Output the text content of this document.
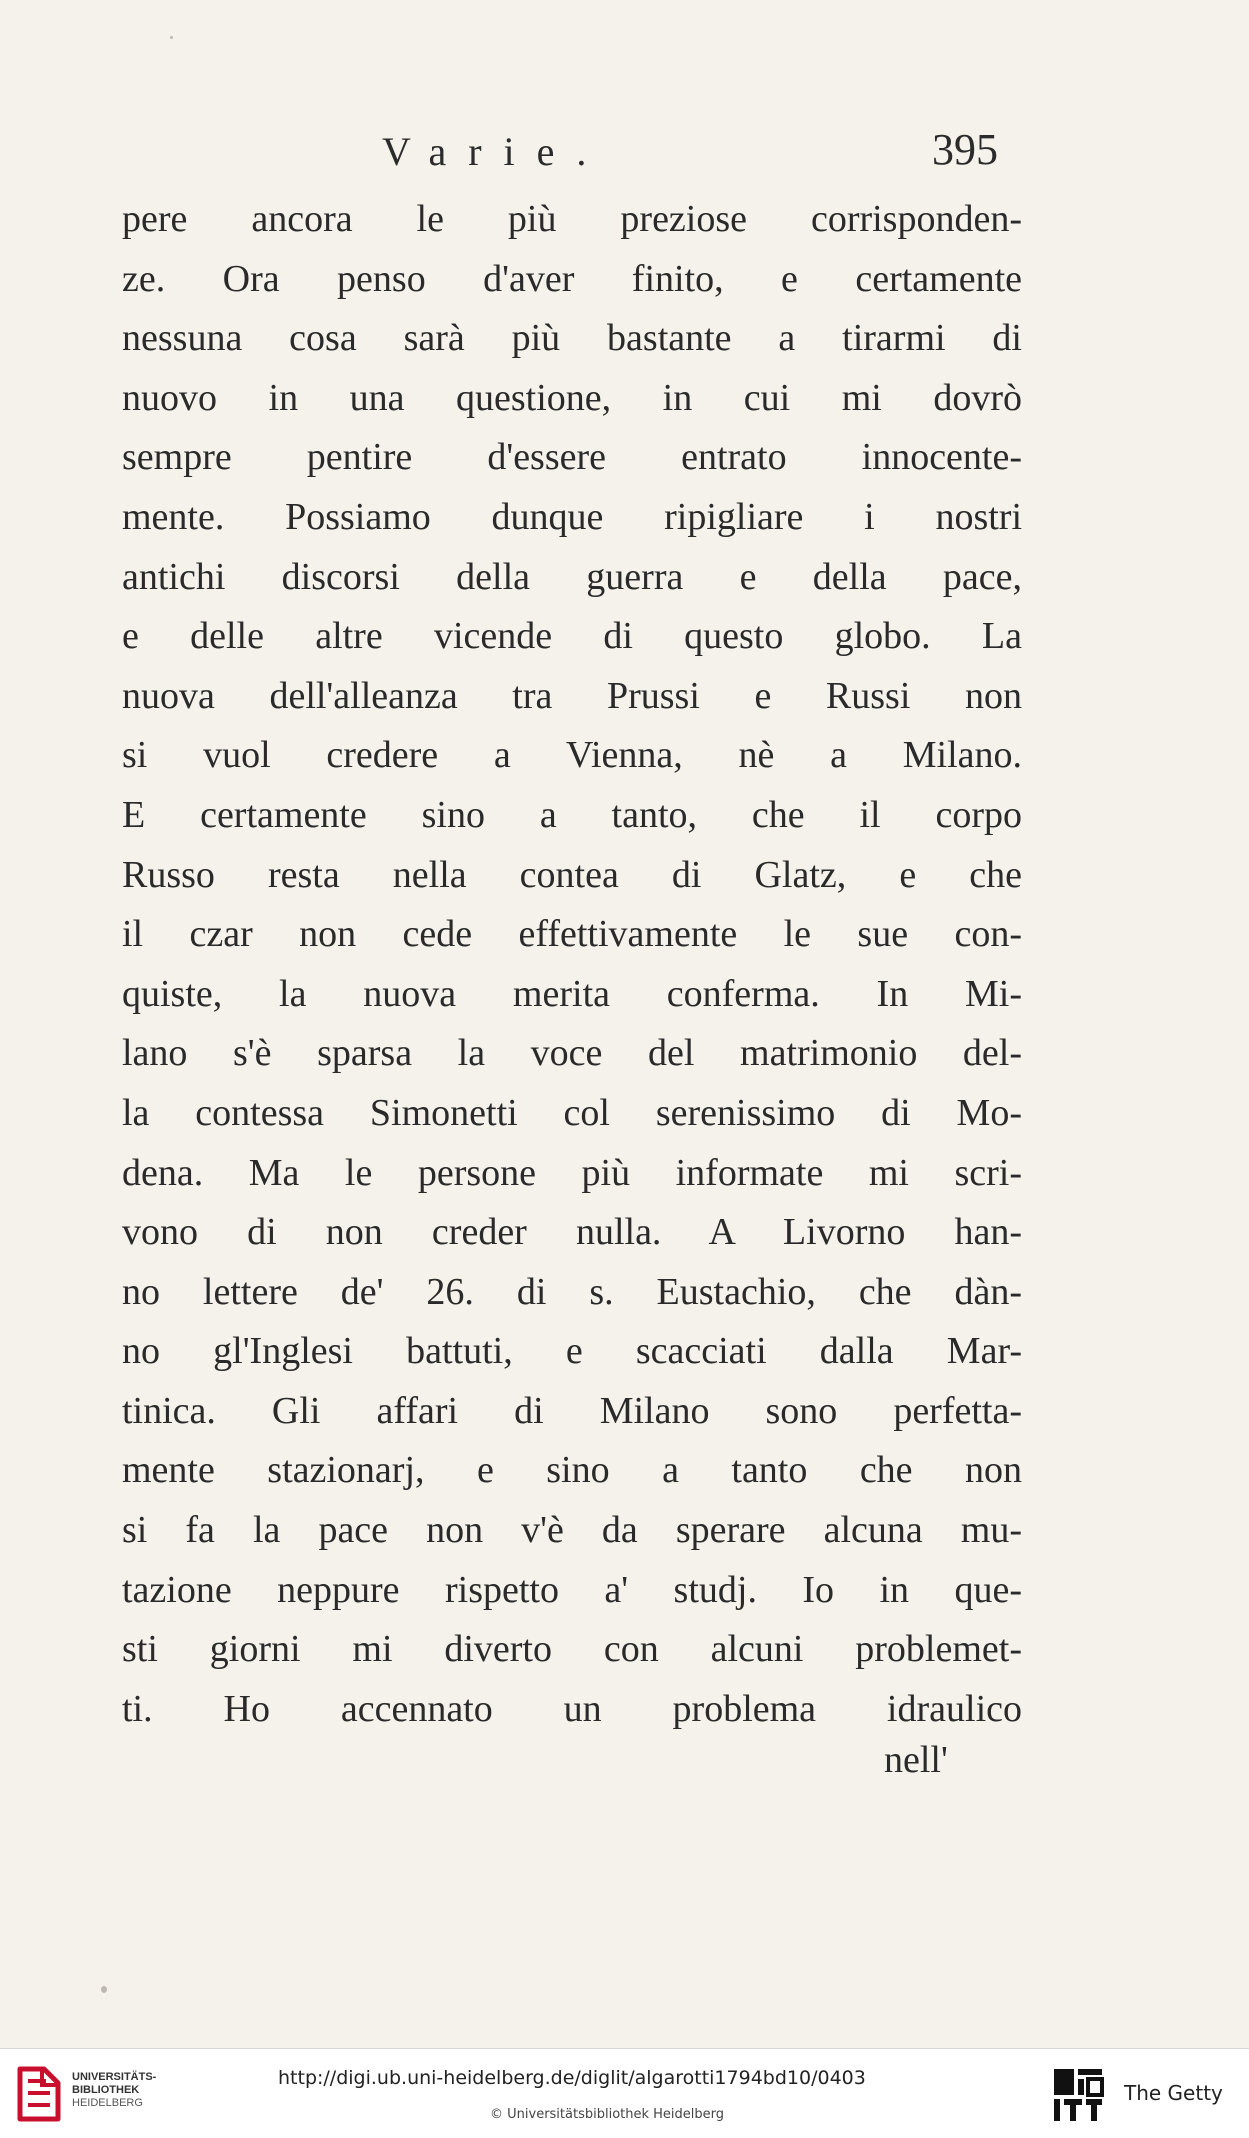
Varie.	395
pere ancora le più preziose corrisponden-
ze. Ora penso d'aver finito, e certamente
nessuna cosa sarà più bastante a tirarmi di
nuovo in una questione, in cui mi dovrò
sempre pentire d'essere entrato innocente-
mente. Possiamo dunque ripigliare i nostri
antichi discorsi della guerra e della pace,
e delle altre vicende di questo globo. La
nuova dell'alleanza tra Prussi e Russi non
si vuol credere a Vienna, nè a Milano.
E certamente sino a tanto, che il corpo
Russo resta nella contea di Glatz, e che
il czar non cede effettivamente le sue con-
quiste, la nuova merita conferma. In Mi-
lano s'è sparsa la voce del matrimonio del-
la contessa Simonetti col serenissimo di Mo-
dena. Ma le persone più informate mi scri-
vono di non creder nulla. A Livorno han-
no lettere de' 26. di s. Eustachio, che dàn-
no gl'Inglesi battuti, e scacciati dalla Mar-
tinica. Gli affari di Milano sono perfetta-
mente stazionarj, e sino a tanto che non
si fa la pace non v'è da sperare alcuna mu-
tazione neppure rispetto a' studj. Io in que-
sti giorni mi diverto con alcuni problemet-
ti. Ho accennato un problema idraulico
nell'
UNIVERSITÄTS-
BIBLIOTHEK
HEIDELBERG
http://digi.ub.uni-heidelberg.de/diglit/algarotti1794bd10/0403
© Universitätsbibliothek Heidelberg
The Getty
